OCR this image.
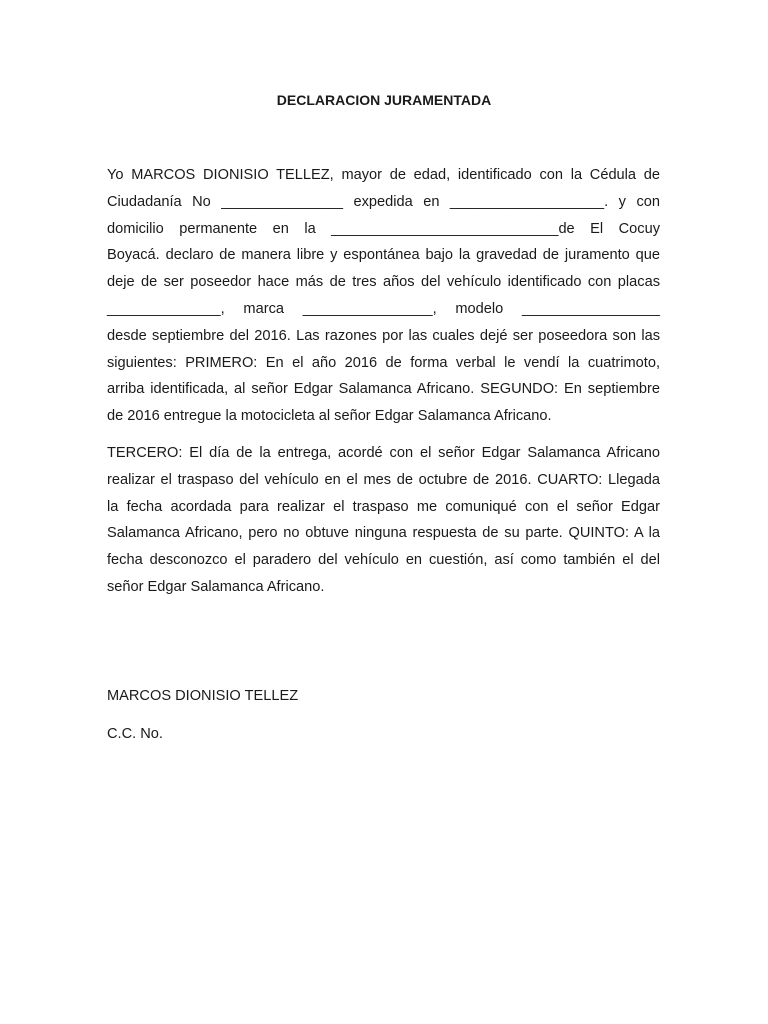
DECLARACION JURAMENTADA
Yo MARCOS DIONISIO TELLEZ, mayor de edad, identificado con la Cédula de
Ciudadanía No _______________ expedida en ___________________. y con
domicilio permanente en la ____________________________de El Cocuy
Boyacá. declaro de manera libre y espontánea bajo la gravedad de juramento que
deje de ser poseedor hace más de tres años del vehículo identificado con placas
______________, marca ________________, modelo _________________
desde septiembre del 2016. Las razones por las cuales dejé ser poseedora son las
siguientes: PRIMERO: En el año 2016 de forma verbal le vendí la cuatrimoto,
arriba identificada, al señor Edgar Salamanca Africano. SEGUNDO: En septiembre
de 2016 entregue la motocicleta al señor Edgar Salamanca Africano.
TERCERO: El día de la entrega, acordé con el señor Edgar Salamanca Africano
realizar el traspaso del vehículo en el mes de octubre de 2016. CUARTO: Llegada
la fecha acordada para realizar el traspaso me comuniqué con el señor Edgar
Salamanca Africano, pero no obtuve ninguna respuesta de su parte. QUINTO: A la
fecha desconozco el paradero del vehículo en cuestión, así como también el del
señor Edgar Salamanca Africano.
MARCOS DIONISIO TELLEZ
C.C. No.
